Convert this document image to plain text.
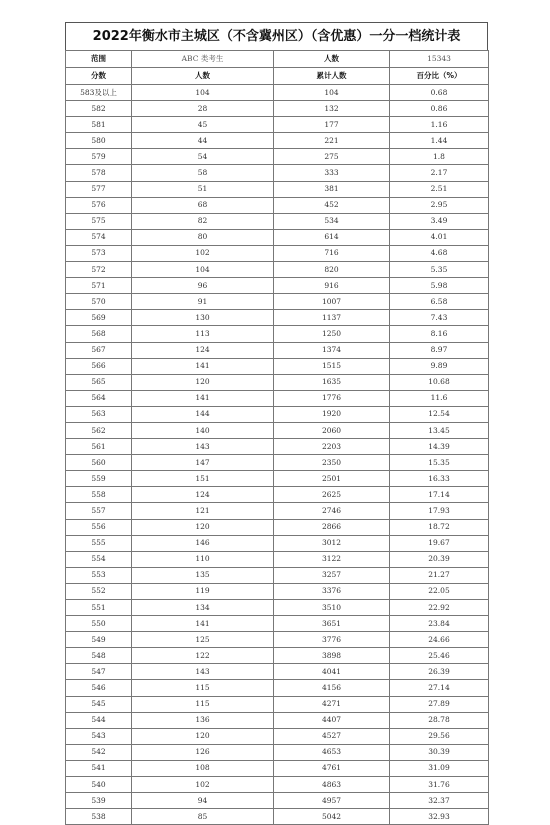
2022年衡水市主城区（不含冀州区）（含优惠）一分一档统计表
范围	ABC 类考生	人数	15343
分数	人数	累计人数	百分比（%）
583及以上	104	104	0.68
582	28	132	0.86
581	45	177	1.16
580	44	221	1.44
579	54	275	1.8
578	58	333	2.17
577	51	381	2.51
576	68	452	2.95
575	82	534	3.49
574	80	614	4.01
573	102	716	4.68
572	104	820	5.35
571	96	916	5.98
570	91	1007	6.58
569	130	1137	7.43
568	113	1250	8.16
567	124	1374	8.97
566	141	1515	9.89
565	120	1635	10.68
564	141	1776	11.6
563	144	1920	12.54
562	140	2060	13.45
561	143	2203	14.39
560	147	2350	15.35
559	151	2501	16.33
558	124	2625	17.14
557	121	2746	17.93
556	120	2866	18.72
555	146	3012	19.67
554	110	3122	20.39
553	135	3257	21.27
552	119	3376	22.05
551	134	3510	22.92
550	141	3651	23.84
549	125	3776	24.66
548	122	3898	25.46
547	143	4041	26.39
546	115	4156	27.14
545	115	4271	27.89
544	136	4407	28.78
543	120	4527	29.56
542	126	4653	30.39
541	108	4761	31.09
540	102	4863	31.76
539	94	4957	32.37
538	85	5042	32.93
